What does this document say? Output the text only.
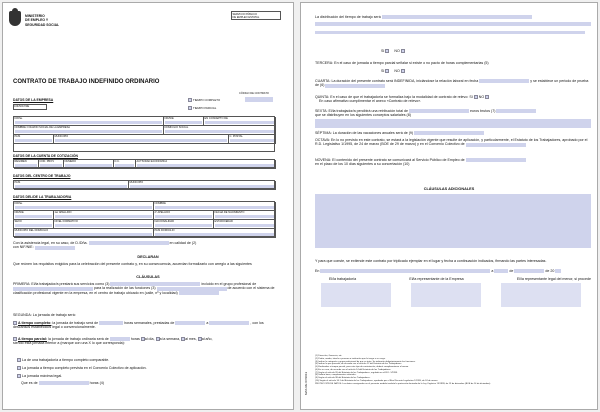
MINISTERIO
DE EMPLEO Y
SEGURIDAD SOCIAL
SERVICIO PÚBLICO
DE EMPLEO ESTATAL
CONTRATO DE TRABAJO INDEFINIDO ORDINARIO
DATOS DE LA EMPRESA
CÓDIGO DE CONTRATO
TIEMPO COMPLETO
TIEMPO PARCIAL
CIF/NIF/NIE
D/Dña.	NIF/NIE	EN CONCEPTO DE
NOMBRE O RAZÓN SOCIAL DE LA EMPRESA	DOMICILIO SOCIAL
PAÍS	MUNICIPIO	C. POSTAL
DATOS DE LA CUENTA DE COTIZACIÓN
RÉGIMEN	COD. PROV	NÚMERO	D.C.	ACTIVIDAD ECONÓMICA
DATOS DEL CENTRO DE TRABAJO
PAÍS	MUNICIPIO
DATOS DEL/DE LA TRABAJADOR/A
D/Dña.	NOMBRE
NIF/NIE	1er APELLIDO	2º APELLIDO	FECHA DE NACIMIENTO
SEXO	NIVEL FORMATIVO	NACIONALIDAD	ESTADO/EDAD
MUNICIPIO DEL DOMICILIO	PAÍS DOMICILIO
Con la asistencia legal, en su caso, de D./Dña.	en calidad de (2)
con NIF/NIE:
DECLARAN
Que reúnen los requisitos exigidos para la celebración del presente contrato y, en su consecuencia, acuerdan formalizarlo con arreglo a las siguientes
CLÁUSULAS
PRIMERA: El/la trabajador/a prestará sus servicios como (3)	incluido en el grupo profesional de  para la realización de las funciones (3)	de acuerdo con el sistema de clasificación profesional vigente en la empresa, en el centro de trabajo ubicado en (calle, nº y localidad)
SEGUNDA: La jornada de trabajo será:
A tiempo completo: la jornada de trabajo será de	horas semanales, prestadas de	a	, con los descansos establecidos legal o convencionalmente.
A tiempo parcial: la jornada de trabajo ordinaria será de	horas al día, a la semana, al mes, al año,
siendo esta jornada inferior a (marque con una X lo que corresponda):
La de una trabajador/a a tiempo completo comparable.
La jornada a tiempo completo prevista en el Convenio Colectivo de aplicación.
La jornada máxima legal.
Que es de	horas (4)
La distribución del tiempo de trabajo será
SI	NO
TERCERA: En el caso de jornada a tiempo parcial señalar si existe o no pacto de horas complementarias (5)
SI	NO
CUARTA: La duración del presente contrato será INDEFINIDA, iniciándose la relación laboral en fecha	y se establece un periodo de prueba de (6)
QUINTA: En el caso de que el trabajador/a se formaliza bajo la modalidad de contrato de relevo: SI NO
En caso afirmativo cumplimentar el anexo «Contrato de relevo».
SEXTA: El/la trabajador/a percibirá una retribución total de	euros brutos (7)
que se distribuyen en los siguientes conceptos salariales (8)
SÉPTIMA: La duración de las vacaciones anuales será de (9)
OCTAVA: En lo no previsto en este contrato, se estará a la legislación vigente que resulte de aplicación, y particularmente, el Estatuto de los Trabajadores, aprobado por el R.D. Legislativo 1/1995, de 24 de marzo (BOE de 29 de marzo) y en el Convenio Colectivo de
NOVENA: El contenido del presente contrato se comunicará al Servicio Público de Empleo de
en el plazo de los 10 días siguientes a su concertación (10)
CLÁUSULAS ADICIONALES
Y para que conste, se extiende este contrato por triplicado ejemplar en el lugar y fecha a continuación indicados, firmando las partes interesadas.
En	a	de	de 20
El/la trabajador/a	El/la representante de la Empresa	El/la representante legal del menor, si procede
MAS RE 07/2013
(1) Dirección, Gerencia, etc.
(2) Padre, madre, tutor/a o persona o institución que le tenga a su cargo.
(3) Indicar la categoría o grupo profesional de que se trate. Se indicarán obligatoriamente las funciones.
(4) Indicar lo que proceda, de acuerdo con el artículo 12 del Estatuto de los Trabajadores.
(5) Realizadas a tiempo parcial, para este tipo de contratación, deberá cumplimentarse el anexo.
(6) En su caso, de acuerdo con el artículo 14 del Estatuto de los Trabajadores.
(7) Según el artículo 26 del Estatuto de los Trabajadores, regulado en el R.D. 1/1995.
(8) Salario base, complementos salariales.
(9) Según el artículo 38 del Estatuto de los Trabajadores.
(10) Según el artículo 16.1 del Estatuto de los Trabajadores, aprobado por el Real Decreto Legislativo 1/1995, de 24 de marzo.
PROTECCIÓN DE DATOS: Los datos consignados en el presente modelo tendrán la protección derivada de la Ley Orgánica 15/1999, de 13 de diciembre (BOE de 14 de diciembre).
